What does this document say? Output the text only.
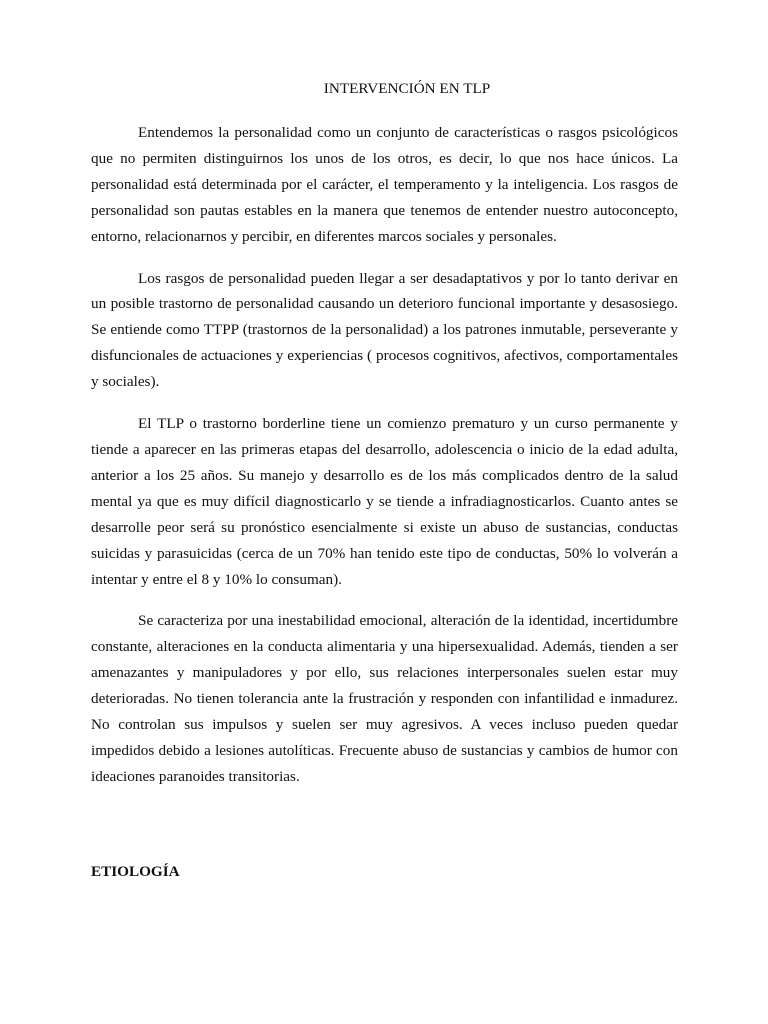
INTERVENCIÓN EN TLP

Entendemos la personalidad como un conjunto de características o rasgos psicológicos que no permiten distinguirnos los unos de los otros, es decir, lo que nos hace únicos. La personalidad está determinada por el carácter, el temperamento y la inteligencia. Los rasgos de personalidad son pautas estables en la manera que tenemos de entender nuestro autoconcepto, entorno, relacionarnos y percibir, en diferentes marcos sociales y personales.

Los rasgos de personalidad pueden llegar a ser desadaptativos y por lo tanto derivar en un posible trastorno de personalidad causando un deterioro funcional importante y desasosiego. Se entiende como TTPP (trastornos de la personalidad) a los patrones inmutable, perseverante y disfuncionales de actuaciones y experiencias ( procesos cognitivos, afectivos, comportamentales y sociales).

El TLP o trastorno borderline tiene un comienzo prematuro y un curso permanente y tiende a aparecer en las primeras etapas del desarrollo, adolescencia o inicio de la edad adulta, anterior a los 25 años. Su manejo y desarrollo es de los más complicados dentro de la salud mental ya que es muy difícil diagnosticarlo y se tiende a infradiagnosticarlos. Cuanto antes se desarrolle peor será su pronóstico esencialmente si existe un abuso de sustancias, conductas suicidas y parasuicidas (cerca de un 70% han tenido este tipo de conductas, 50% lo volverán a intentar y entre el 8 y 10% lo consuman).

Se caracteriza por una inestabilidad emocional, alteración de la identidad, incertidumbre constante, alteraciones en la conducta alimentaria y una hipersexualidad. Además, tienden a ser amenazantes y manipuladores y por ello, sus relaciones interpersonales suelen estar muy deterioradas. No tienen tolerancia ante la frustración y responden con infantilidad e inmadurez. No controlan sus impulsos y suelen ser muy agresivos. A veces incluso pueden quedar impedidos debido a lesiones autolíticas. Frecuente abuso de sustancias y cambios de humor con ideaciones paranoides transitorias.

ETIOLOGÍA
